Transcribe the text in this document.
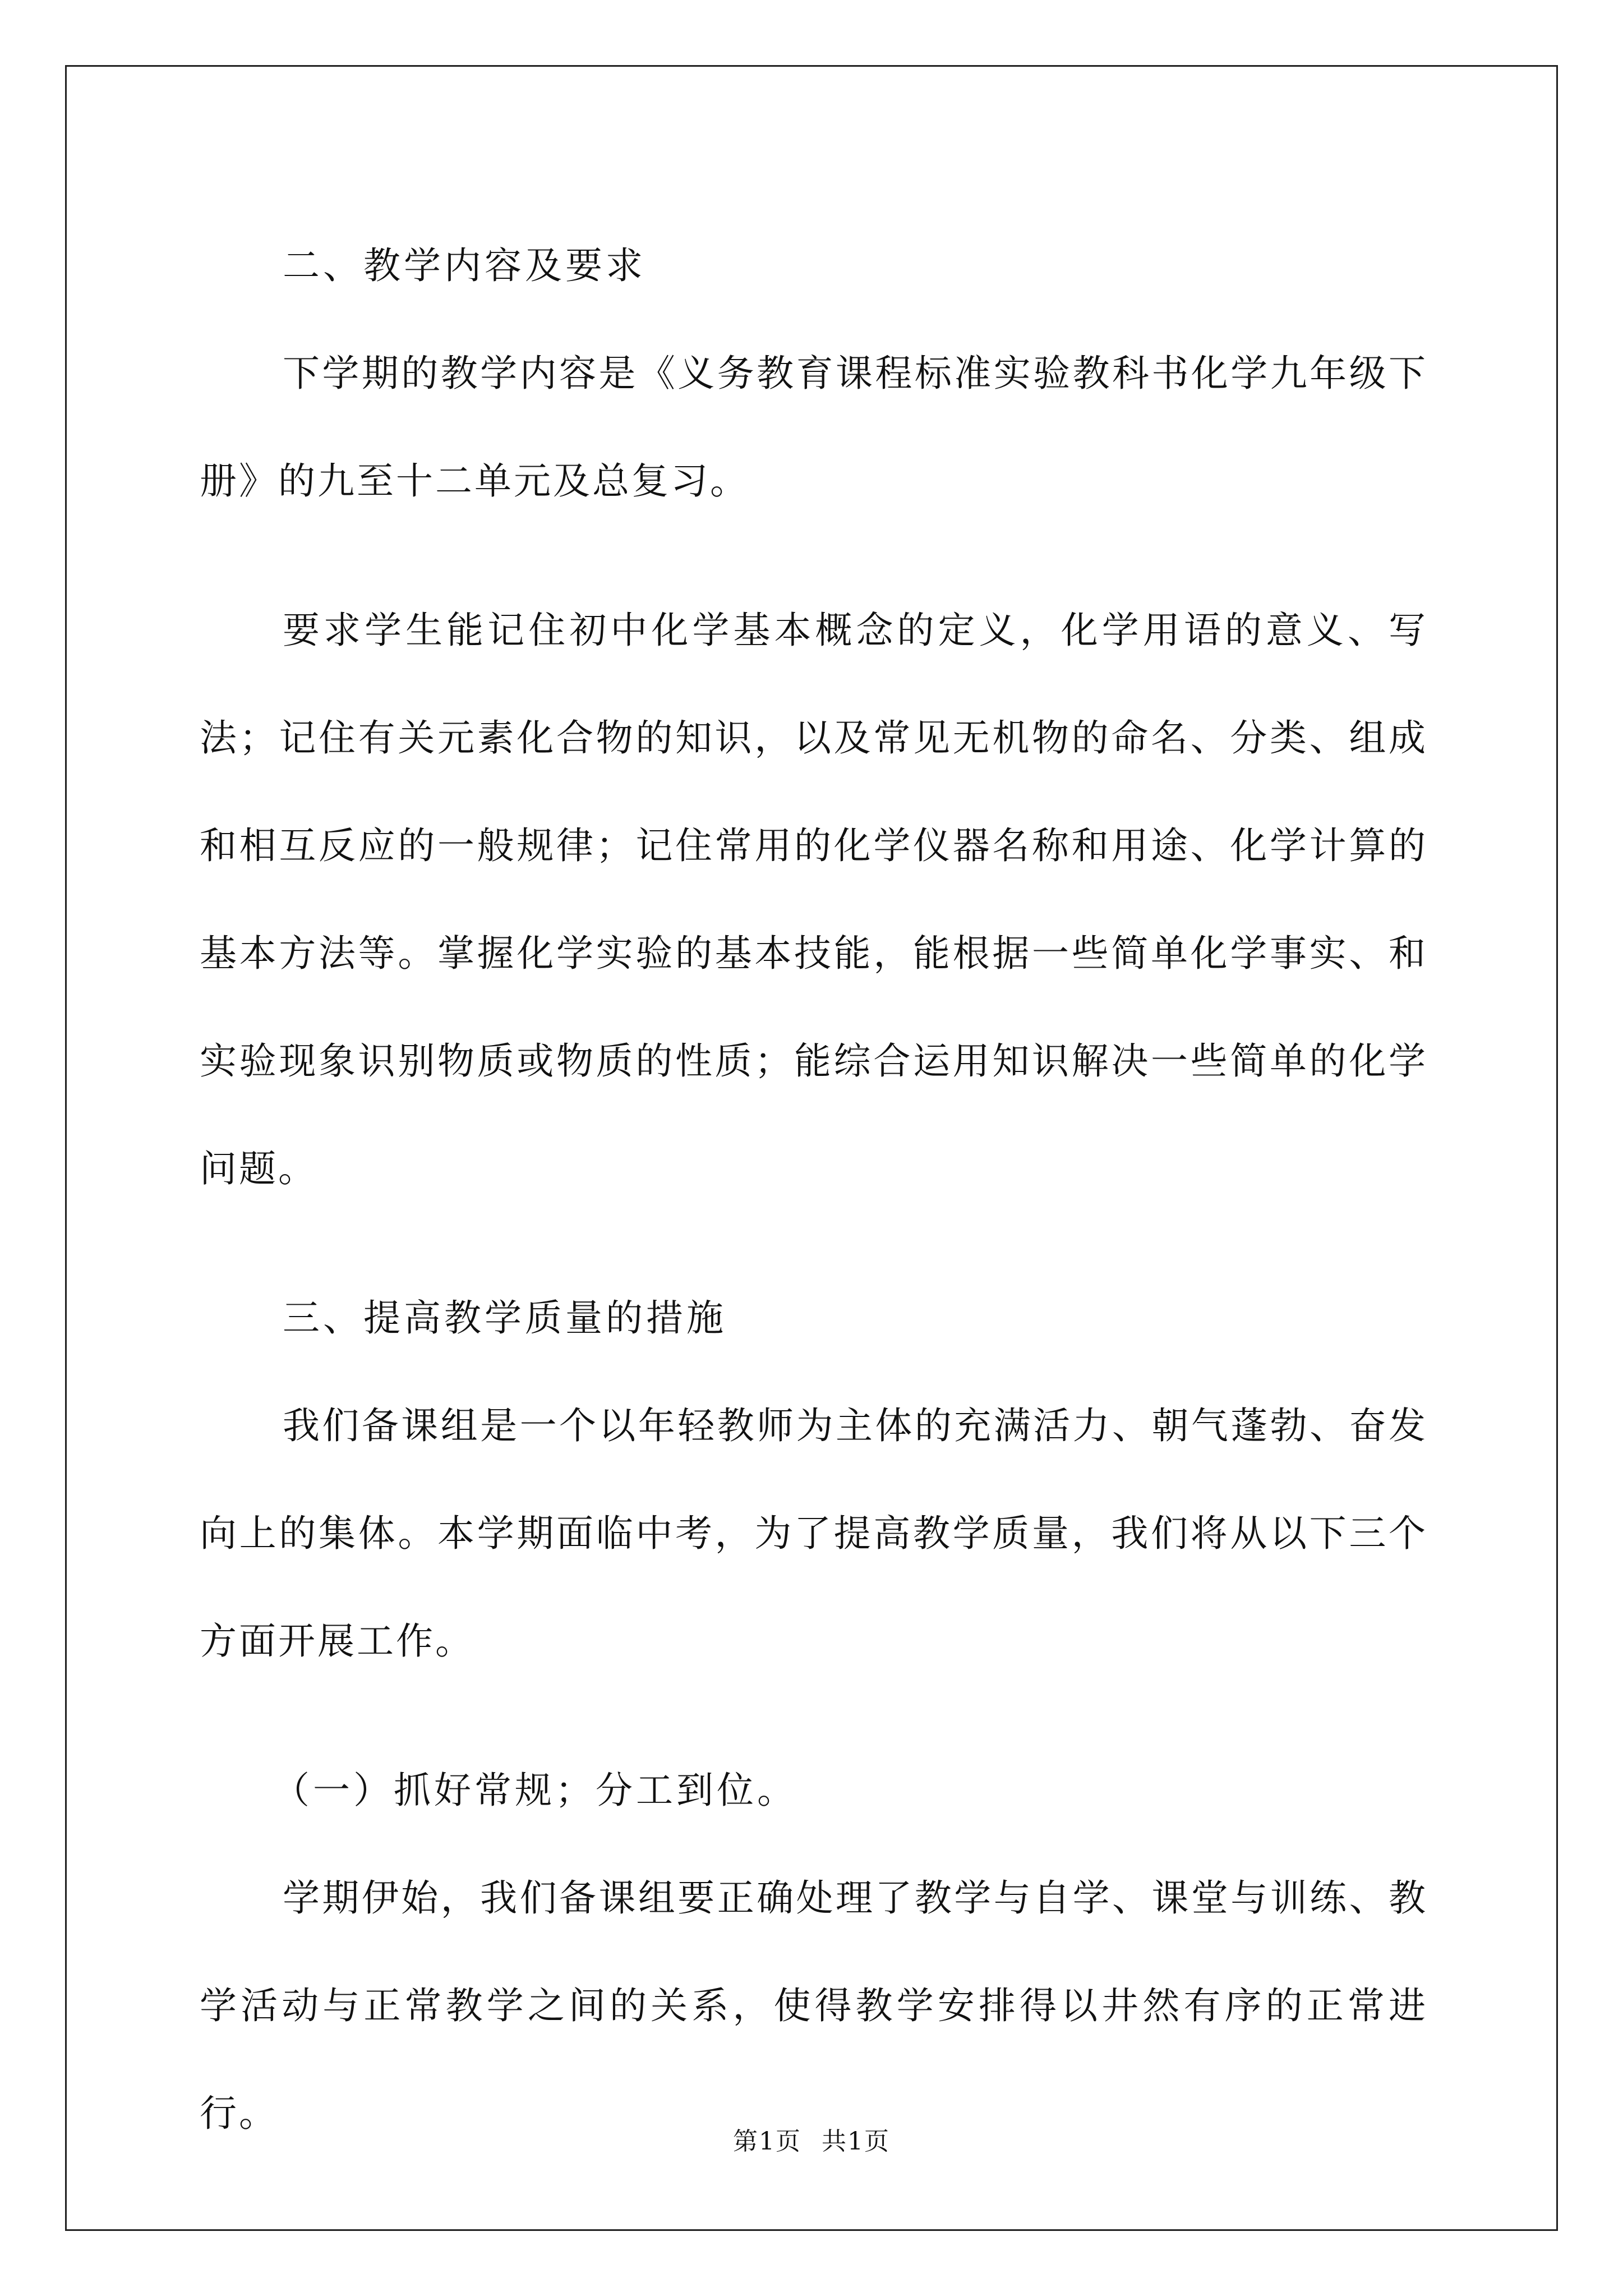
二、教学内容及要求

下学期的教学内容是《义务教育课程标准实验教科书化学九年级下册》的九至十二单元及总复习。

要求学生能记住初中化学基本概念的定义，化学用语的意义、写法；记住有关元素化合物的知识，以及常见无机物的命名、分类、组成和相互反应的一般规律；记住常用的化学仪器名称和用途、化学计算的基本方法等。掌握化学实验的基本技能，能根据一些简单化学事实、和实验现象识别物质或物质的性质；能综合运用知识解决一些简单的化学问题。

三、提高教学质量的措施

我们备课组是一个以年轻教师为主体的充满活力、朝气蓬勃、奋发向上的集体。本学期面临中考，为了提高教学质量，我们将从以下三个方面开展工作。

（一）抓好常规；分工到位。

学期伊始，我们备课组要正确处理了教学与自学、课堂与训练、教学活动与正常教学之间的关系，使得教学安排得以井然有序的正常进行。

第1页 共1页
